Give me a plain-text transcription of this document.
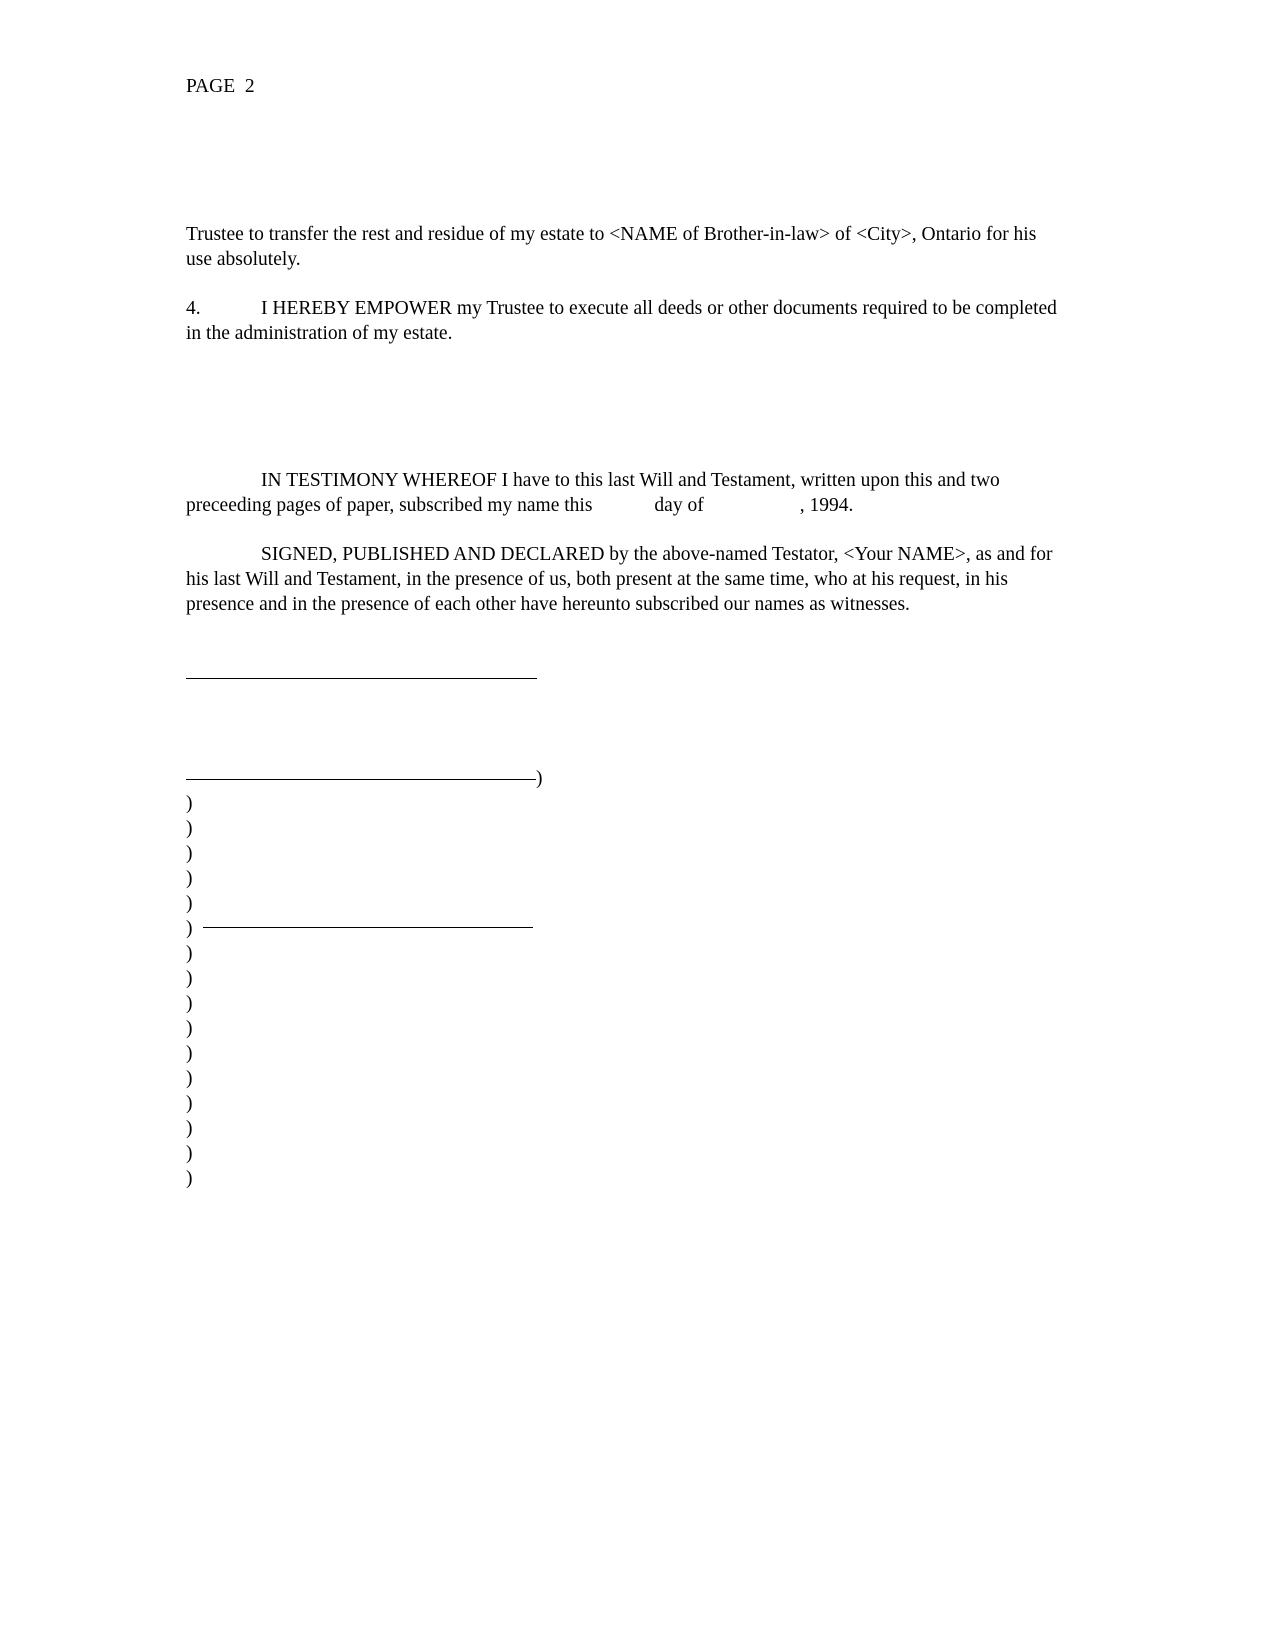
PAGE  2
Trustee to transfer the rest and residue of my estate to <NAME of Brother-in-law> of <City>, Ontario for his
use absolutely.
4.	I HEREBY EMPOWER my Trustee to execute all deeds or other documents required to be completed
in the administration of my estate.
IN TESTIMONY WHEREOF I have to this last Will and Testament, written upon this and two
preceeding pages of paper, subscribed my name this	day of	, 1994.
SIGNED, PUBLISHED AND DECLARED by the above-named Testator, <Your NAME>, as and for
his last Will and Testament, in the presence of us, both present at the same time, who at his request, in his
presence and in the presence of each other have hereunto subscribed our names as witnesses.
)
)
)
)
)
)
)
)
)
)
)
)
)
)
)
)
)
